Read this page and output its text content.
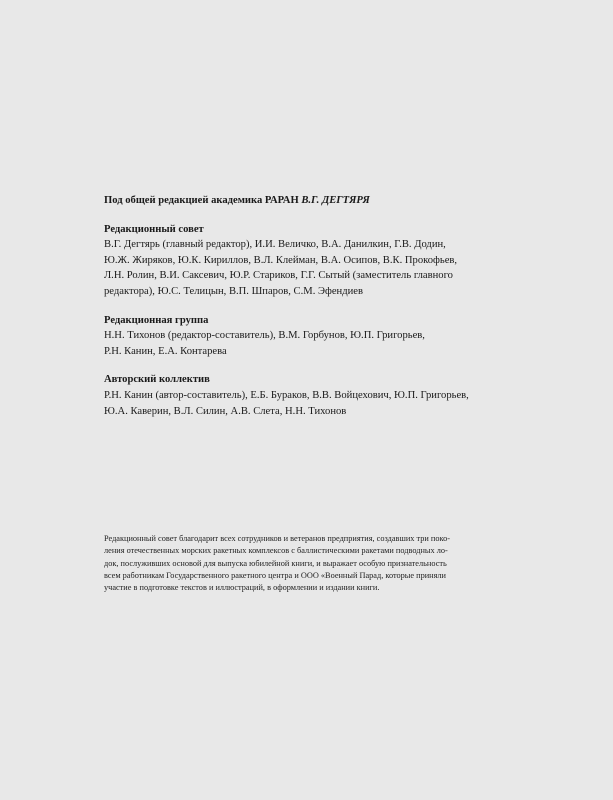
Под общей редакцией академика РАРАН В.Г. ДЕГТЯРЯ

Редакционный совет

В.Г. Дегтярь (главный редактор), И.И. Величко, В.А. Данилкин, Г.В. Додин,
Ю.Ж. Жиряков, Ю.К. Кириллов, В.Л. Клейман, В.А. Осипов, В.К. Прокофьев,
Л.Н. Ролин, В.И. Саксевич, Ю.Р. Стариков, Г.Г. Сытый (заместитель главного
редактора), Ю.С. Телицын, В.П. Шпаров, С.М. Эфендиев

Редакционная группа

Н.Н. Тихонов (редактор-составитель), В.М. Горбунов, Ю.П. Григорьев,
Р.Н. Канин, Е.А. Контарева

Авторский коллектив

Р.Н. Канин (автор-составитель), Е.Б. Бураков, В.В. Войцехович, Ю.П. Григорьев,
Ю.А. Каверин, В.Л. Силин, А.В. Слета, Н.Н. Тихонов

Редакционный совет благодарит всех сотрудников и ветеранов предприятия, создавших три поко-
ления отечественных морских ракетных комплексов с баллистическими ракетами подводных ло-
док, послуживших основой для выпуска юбилейной книги, и выражает особую признательность
всем работникам Государственного ракетного центра и ООО «Военный Парад, которые приняли
участие в подготовке текстов и иллюстраций, в оформлении и издании книги.
